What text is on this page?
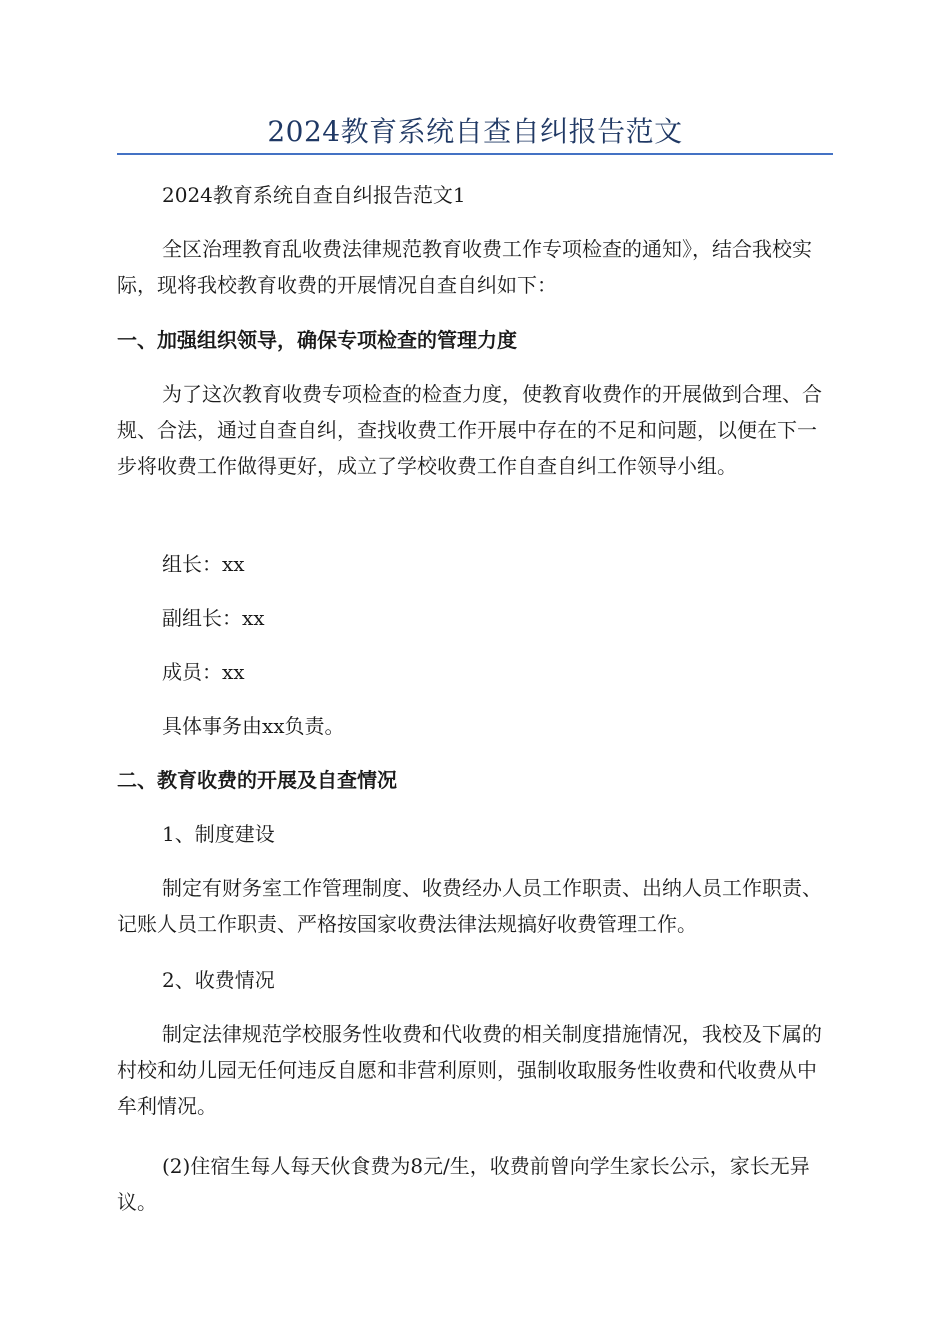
2024教育系统自查自纠报告范文

2024教育系统自查自纠报告范文1

全区治理教育乱收费法律规范教育收费工作专项检查的通知》，结合我校实际，现将我校教育收费的开展情况自查自纠如下：

一、加强组织领导，确保专项检查的管理力度

为了这次教育收费专项检查的检查力度，使教育收费作的开展做到合理、合规、合法，通过自查自纠，查找收费工作开展中存在的不足和问题，以便在下一步将收费工作做得更好，成立了学校收费工作自查自纠工作领导小组。

组长：xx

副组长：xx

成员：xx

具体事务由xx负责。

二、教育收费的开展及自查情况

1、制度建设

制定有财务室工作管理制度、收费经办人员工作职责、出纳人员工作职责、记账人员工作职责、严格按国家收费法律法规搞好收费管理工作。

2、收费情况

制定法律规范学校服务性收费和代收费的相关制度措施情况，我校及下属的村校和幼儿园无任何违反自愿和非营利原则，强制收取服务性收费和代收费从中牟利情况。

(2)住宿生每人每天伙食费为8元/生，收费前曾向学生家长公示，家长无异议。
